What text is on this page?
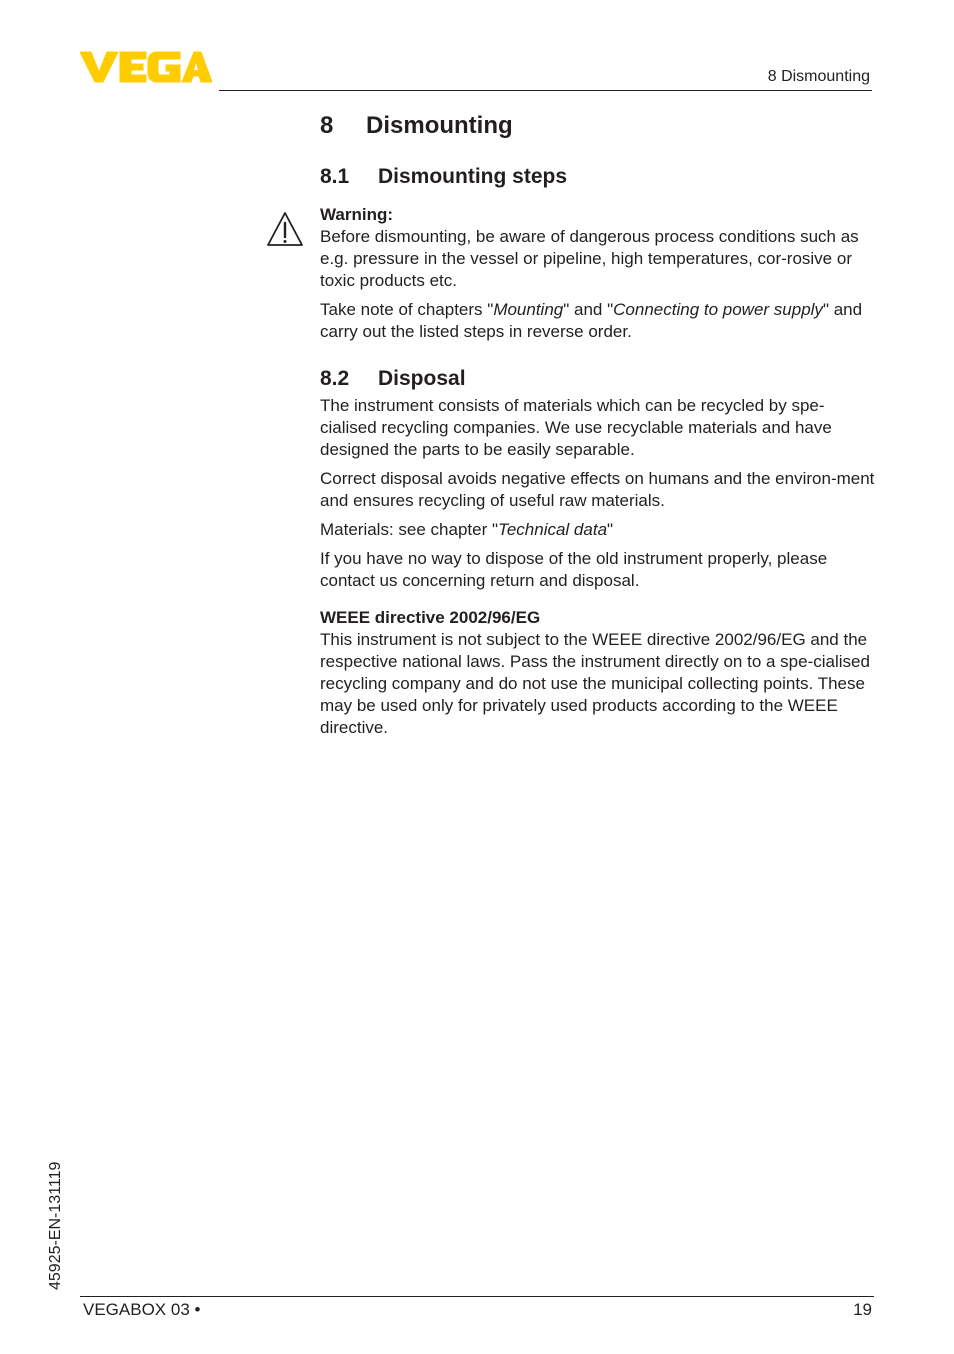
VEGA
8 Dismounting
8 Dismounting
8.1 Dismounting steps

Warning:

Before dismounting, be aware of dangerous process conditions such as e.g. pressure in the vessel or pipeline, high temperatures, cor-rosive or toxic products etc.

Take note of chapters "Mounting" and "Connecting to power supply" and carry out the listed steps in reverse order.

8.2 Disposal

The instrument consists of materials which can be recycled by spe-cialised recycling companies. We use recyclable materials and have designed the parts to be easily separable.

Correct disposal avoids negative effects on humans and the environ-ment and ensures recycling of useful raw materials.

Materials: see chapter "Technical data"

If you have no way to dispose of the old instrument properly, please contact us concerning return and disposal.

WEEE directive 2002/96/EG

This instrument is not subject to the WEEE directive 2002/96/EG and the respective national laws. Pass the instrument directly on to a spe-cialised recycling company and do not use the municipal collecting points. These may be used only for privately used products according to the WEEE directive.

45925-EN-131119
VEGABOX 03 •	19
